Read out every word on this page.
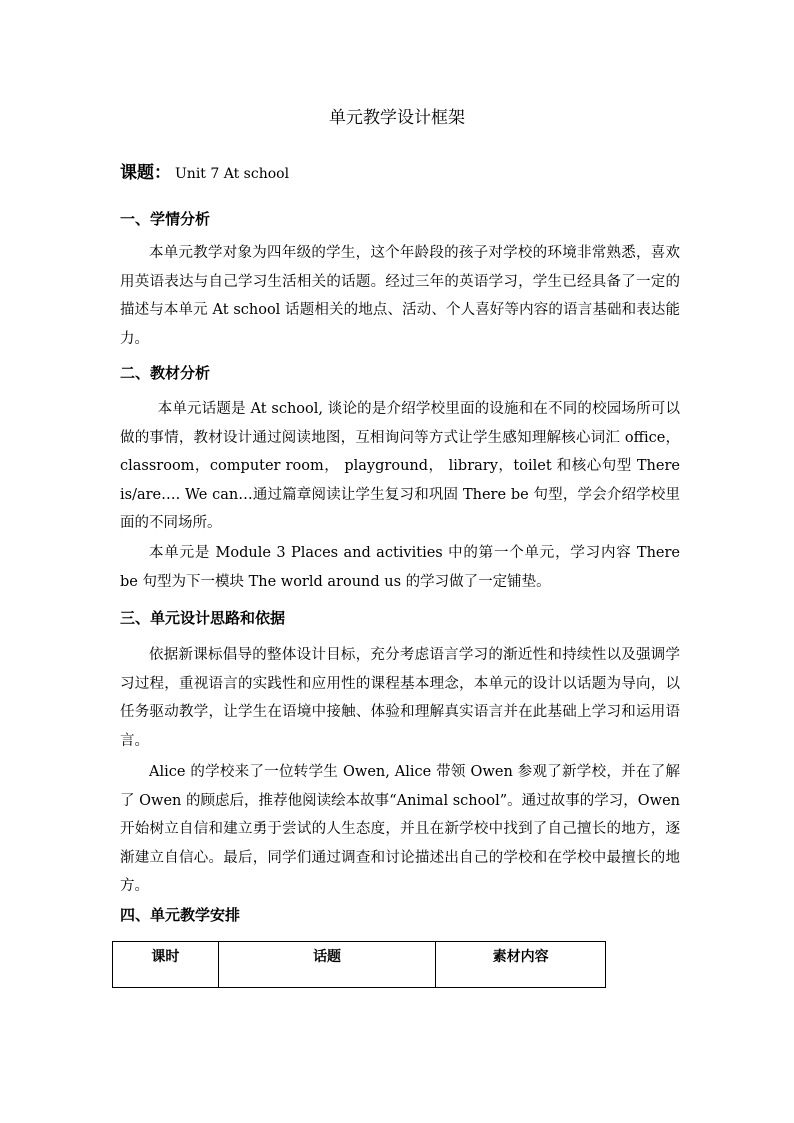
单元教学设计框架
课题： Unit 7 At school
一、学情分析

本单元教学对象为四年级的学生，这个年龄段的孩子对学校的环境非常熟悉，喜欢用英语表达与自己学习生活相关的话题。经过三年的英语学习，学生已经具备了一定的描述与本单元 At school 话题相关的地点、活动、个人喜好等内容的语言基础和表达能力。

二、教材分析

本单元话题是 At school, 谈论的是介绍学校里面的设施和在不同的校园场所可以做的事情，教材设计通过阅读地图，互相询问等方式让学生感知理解核心词汇 office，classroom，computer room， playground， library，toilet 和核心句型 There is/are…. We can…通过篇章阅读让学生复习和巩固 There be 句型，学会介绍学校里面的不同场所。

本单元是 Module 3 Places and activities 中的第一个单元，学习内容 There be 句型为下一模块 The world around us 的学习做了一定铺垫。

三、单元设计思路和依据

依据新课标倡导的整体设计目标，充分考虑语言学习的渐近性和持续性以及强调学习过程，重视语言的实践性和应用性的课程基本理念，本单元的设计以话题为导向，以任务驱动教学，让学生在语境中接触、体验和理解真实语言并在此基础上学习和运用语言。

Alice 的学校来了一位转学生 Owen, Alice 带领 Owen 参观了新学校，并在了解了 Owen 的顾虑后，推荐他阅读绘本故事“Animal school”。通过故事的学习，Owen 开始树立自信和建立勇于尝试的人生态度，并且在新学校中找到了自己擅长的地方，逐渐建立自信心。最后，同学们通过调查和讨论描述出自己的学校和在学校中最擅长的地方。

四、单元教学安排
课时	话题	素材内容
